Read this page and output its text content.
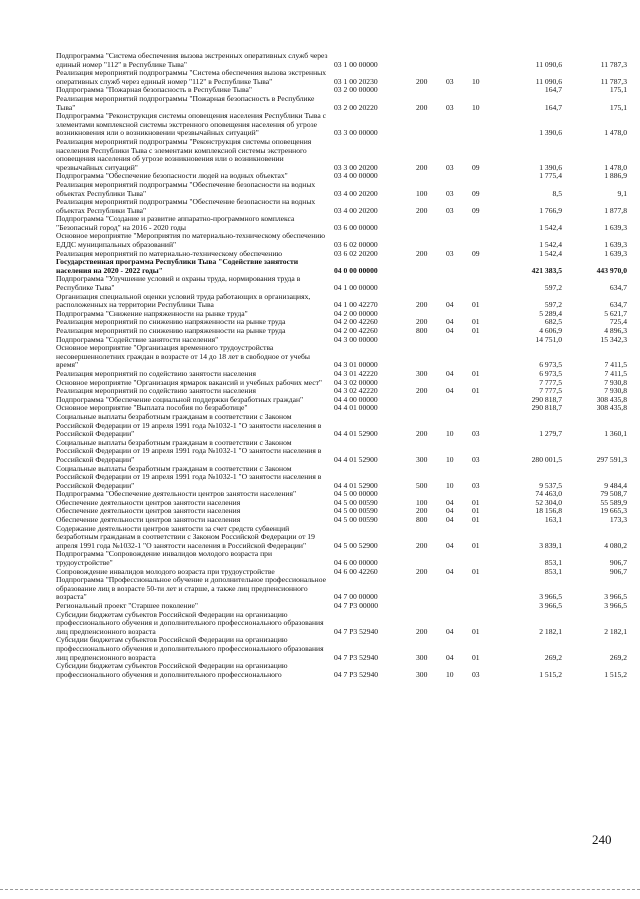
Подпрограмма "Система обеспечения вызова экстренных оперативных служб через единый номер "112" в Республике Тыва"	03 1 00 00000				11 090,6	11 787,3
Реализация мероприятий подпрограммы "Система обеспечения вызова экстренных оперативных служб через единый номер "112" в Республике Тыва"	03 1 00 20230	200	03	10	11 090,6	11 787,3
Подпрограмма "Пожарная безопасность в Республике Тыва"	03 2 00 00000				164,7	175,1
Реализация мероприятий подпрограммы "Пожарная безопасность в Республике Тыва"	03 2 00 20220	200	03	10	164,7	175,1
Подпрограмма "Реконструкция системы оповещения населения Республики Тыва с элементами комплексной системы экстренного оповещения населения об угрозе возникновения или о возникновении чрезвычайных ситуаций"	03 3 00 00000				1 390,6	1 478,0
Реализация мероприятий подпрограммы "Реконструкция системы оповещения населения Республики Тыва с элементами комплексной системы экстренного оповещения населения об угрозе возникновения или о возникновении чрезвычайных ситуаций"	03 3 00 20200	200	03	09	1 390,6	1 478,0
Подпрограмма "Обеспечение безопасности людей на водных объектах"	03 4 00 00000				1 775,4	1 886,9
Реализация мероприятий подпрограммы "Обеспечение безопасности на водных объектах Республики Тыва"	03 4 00 20200	100	03	09	8,5	9,1
Реализация мероприятий подпрограммы "Обеспечение безопасности на водных объектах Республики Тыва"	03 4 00 20200	200	03	09	1 766,9	1 877,8
Подпрограмма "Создание и развитие аппаратно-программного комплекса "Безопасный город" на 2016 - 2020 годы	03 6 00 00000				1 542,4	1 639,3
Основное мероприятие "Мероприятия по материально-техническому обеспечению ЕДДС муниципальных образований"	03 6 02 00000				1 542,4	1 639,3
Реализация мероприятий по материально-техническому обеспечению	03 6 02 20200	200	03	09	1 542,4	1 639,3
Государственная программа Республики Тыва "Содействие занятости населения на 2020 - 2022 годы"	04 0 00 00000				421 383,5	443 970,0
Подпрограмма "Улучшение условий и охраны труда, нормирования труда в Республике Тыва"	04 1 00 00000				597,2	634,7
Организация специальной оценки условий труда работающих в организациях, расположенных на территории Республики Тыва	04 1 00 42270	200	04	01	597,2	634,7
Подпрограмма "Снижение напряженности на рынке труда"	04 2 00 00000				5 289,4	5 621,7
Реализация мероприятий по снижению напряженности на рынке труда	04 2 00 42260	200	04	01	682,5	725,4
Реализация мероприятий по снижению напряженности на рынке труда	04 2 00 42260	800	04	01	4 606,9	4 896,3
Подпрограмма "Содействие занятости населения"	04 3 00 00000				14 751,0	15 342,3
Основное мероприятие "Организация временного трудоустройства несовершеннолетних граждан в возрасте от 14 до 18 лет в свободное от учебы время"	04 3 01 00000				6 973,5	7 411,5
Реализация мероприятий по содействию занятости населения	04 3 01 42220	300	04	01	6 973,5	7 411,5
Основное мероприятие "Организация ярмарок вакансий и учебных рабочих мест"	04 3 02 00000				7 777,5	7 930,8
Реализация мероприятий по содействию занятости населения	04 3 02 42220	200	04	01	7 777,5	7 930,8
Подпрограмма "Обеспечение социальной поддержки безработных граждан"	04 4 00 00000				290 818,7	308 435,8
Основное мероприятие "Выплата пособия по безработице"	04 4 01 00000				290 818,7	308 435,8
Социальные выплаты безработным гражданам в соответствии с Законом Российской Федерации от 19 апреля 1991 года №1032-1 "О занятости населения в Российской Федерации"	04 4 01 52900	200	10	03	1 279,7	1 360,1
Социальные выплаты безработным гражданам в соответствии с Законом Российской Федерации от 19 апреля 1991 года №1032-1 "О занятости населения в Российской Федерации"	04 4 01 52900	300	10	03	280 001,5	297 591,3
Социальные выплаты безработным гражданам в соответствии с Законом Российской Федерации от 19 апреля 1991 года №1032-1 "О занятости населения в Российской Федерации"	04 4 01 52900	500	10	03	9 537,5	9 484,4
Подпрограмма "Обеспечение деятельности центров занятости населения"	04 5 00 00000				74 463,0	79 508,7
Обеспечение деятельности центров занятости населения	04 5 00 00590	100	04	01	52 304,0	55 589,9
Обеспечение деятельности центров занятости населения	04 5 00 00590	200	04	01	18 156,8	19 665,3
Обеспечение деятельности центров занятости населения	04 5 00 00590	800	04	01	163,1	173,3
Содержание деятельности центров занятости за счет средств субвенций безработным гражданам в соответствии с Законом Российской Федерации от 19 апреля 1991 года №1032-1 "О занятости населения в Российской Федерации"	04 5 00 52900	200	04	01	3 839,1	4 080,2
Подпрограмма "Сопровождение инвалидов молодого возраста при трудоустройстве"	04 6 00 00000				853,1	906,7
Сопровождение инвалидов молодого возраста при трудоустройстве	04 6 00 42260	200	04	01	853,1	906,7
Подпрограмма "Профессиональное обучение и дополнительное профессиональное образование лиц в возрасте 50-ти лет и старше, а также лиц предпенсионного возраста"	04 7 00 00000				3 966,5	3 966,5
Региональный проект "Старшее поколение"	04 7 P3 00000				3 966,5	3 966,5
Субсидии бюджетам субъектов Российской Федерации на организацию профессионального обучения и дополнительного профессионального образования лиц предпенсионного возраста	04 7 P3 52940	200	04	01	2 182,1	2 182,1
Субсидии бюджетам субъектов Российской Федерации на организацию профессионального обучения и дополнительного профессионального образования лиц предпенсионного возраста	04 7 P3 52940	300	04	01	269,2	269,2
Субсидии бюджетам субъектов Российской Федерации на организацию профессионального обучения и дополнительного профессионального	04 7 P3 52940	300	10	03	1 515,2	1 515,2
240
